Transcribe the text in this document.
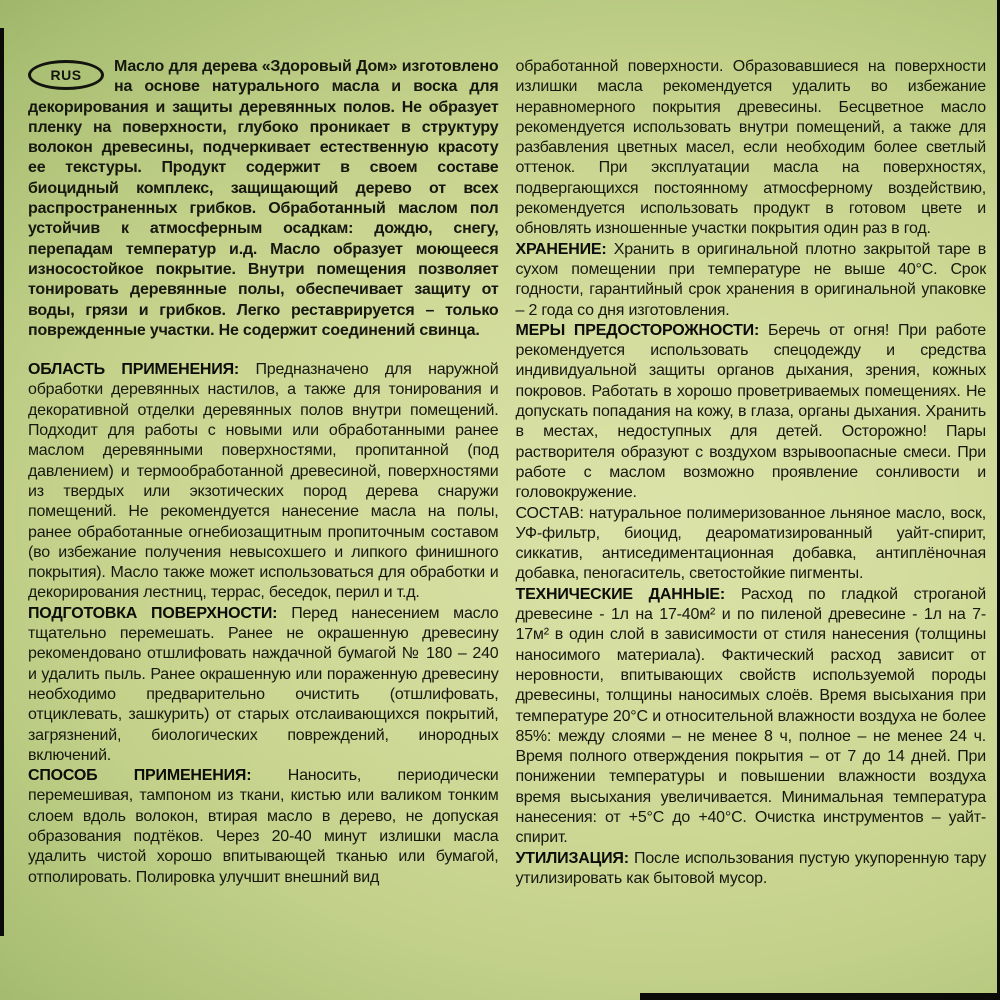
RUS Масло для дерева «Здоровый Дом» изготовлено на основе натурального масла и воска для декорирования и защиты деревянных полов. Не образует пленку на поверхности, глубоко проникает в структуру волокон древесины, подчеркивает естественную красоту ее текстуры. Продукт содержит в своем составе биоцидный комплекс, защищающий дерево от всех распространенных грибков. Обработанный маслом пол устойчив к атмосферным осадкам: дождю, снегу, перепадам температур и.д. Масло образует моющееся износостойкое покрытие. Внутри помещения позволяет тонировать деревянные полы, обеспечивает защиту от воды, грязи и грибков. Легко реставрируется – только поврежденные участки. Не содержит соединений свинца.

ОБЛАСТЬ ПРИМЕНЕНИЯ: Предназначено для наружной обработки деревянных настилов, а также для тонирования и декоративной отделки деревянных полов внутри помещений. Подходит для работы с новыми или обработанными ранее маслом деревянными поверхностями, пропитанной (под давлением) и термообработанной древесиной, поверхностями из твердых или экзотических пород дерева снаружи помещений. Не рекомендуется нанесение масла на полы, ранее обработанные огнебиозащитным пропиточным составом (во избежание получения невысохшего и липкого финишного покрытия). Масло также может использоваться для обработки и декорирования лестниц, террас, беседок, перил и т.д.

ПОДГОТОВКА ПОВЕРХНОСТИ: Перед нанесением масло тщательно перемешать. Ранее не окрашенную древесину рекомендовано отшлифовать наждачной бумагой № 180 – 240 и удалить пыль. Ранее окрашенную или пораженную древесину необходимо предварительно очистить (отшлифовать, отциклевать, зашкурить) от старых отслаивающихся покрытий, загрязнений, биологических повреждений, инородных включений.

СПОСОБ ПРИМЕНЕНИЯ: Наносить, периодически перемешивая, тампоном из ткани, кистью или валиком тонким слоем вдоль волокон, втирая масло в дерево, не допуская образования подтёков. Через 20-40 минут излишки масла удалить чистой хорошо впитывающей тканью или бумагой, отполировать. Полировка улучшит внешний вид

обработанной поверхности. Образовавшиеся на поверхности излишки масла рекомендуется удалить во избежание неравномерного покрытия древесины. Бесцветное масло рекомендуется использовать внутри помещений, а также для разбавления цветных масел, если необходим более светлый оттенок. При эксплуатации масла на поверхностях, подвергающихся постоянному атмосферному воздействию, рекомендуется использовать продукт в готовом цвете и обновлять изношенные участки покрытия один раз в год.

ХРАНЕНИЕ: Хранить в оригинальной плотно закрытой таре в сухом помещении при температуре не выше 40°С. Срок годности, гарантийный срок хранения в оригинальной упаковке – 2 года со дня изготовления.

МЕРЫ ПРЕДОСТОРОЖНОСТИ: Беречь от огня! При работе рекомендуется использовать спецодежду и средства индивидуальной защиты органов дыхания, зрения, кожных покровов. Работать в хорошо проветриваемых помещениях. Не допускать попадания на кожу, в глаза, органы дыхания. Хранить в местах, недоступных для детей. Осторожно! Пары растворителя образуют с воздухом взрывоопасные смеси. При работе с маслом возможно проявление сонливости и головокружение.

СОСТАВ: натуральное полимеризованное льняное масло, воск, УФ-фильтр, биоцид, деароматизированный уайт-спирит, сиккатив, антиседиментационная добавка, антиплёночная добавка, пеногаситель, светостойкие пигменты.

ТЕХНИЧЕСКИЕ ДАННЫЕ: Расход по гладкой строганой древесине - 1л на 17-40м² и по пиленой древесине - 1л на 7-17м² в один слой в зависимости от стиля нанесения (толщины наносимого материала). Фактический расход зависит от неровности, впитывающих свойств используемой породы древесины, толщины наносимых слоёв. Время высыхания при температуре 20°С и относительной влажности воздуха не более 85%: между слоями – не менее 8 ч, полное – не менее 24 ч. Время полного отверждения покрытия – от 7 до 14 дней. При понижении температуры и повышении влажности воздуха время высыхания увеличивается. Минимальная температура нанесения: от +5°С до +40°С. Очистка инструментов – уайт-спирит.

УТИЛИЗАЦИЯ: После использования пустую укупоренную тару утилизировать как бытовой мусор.
